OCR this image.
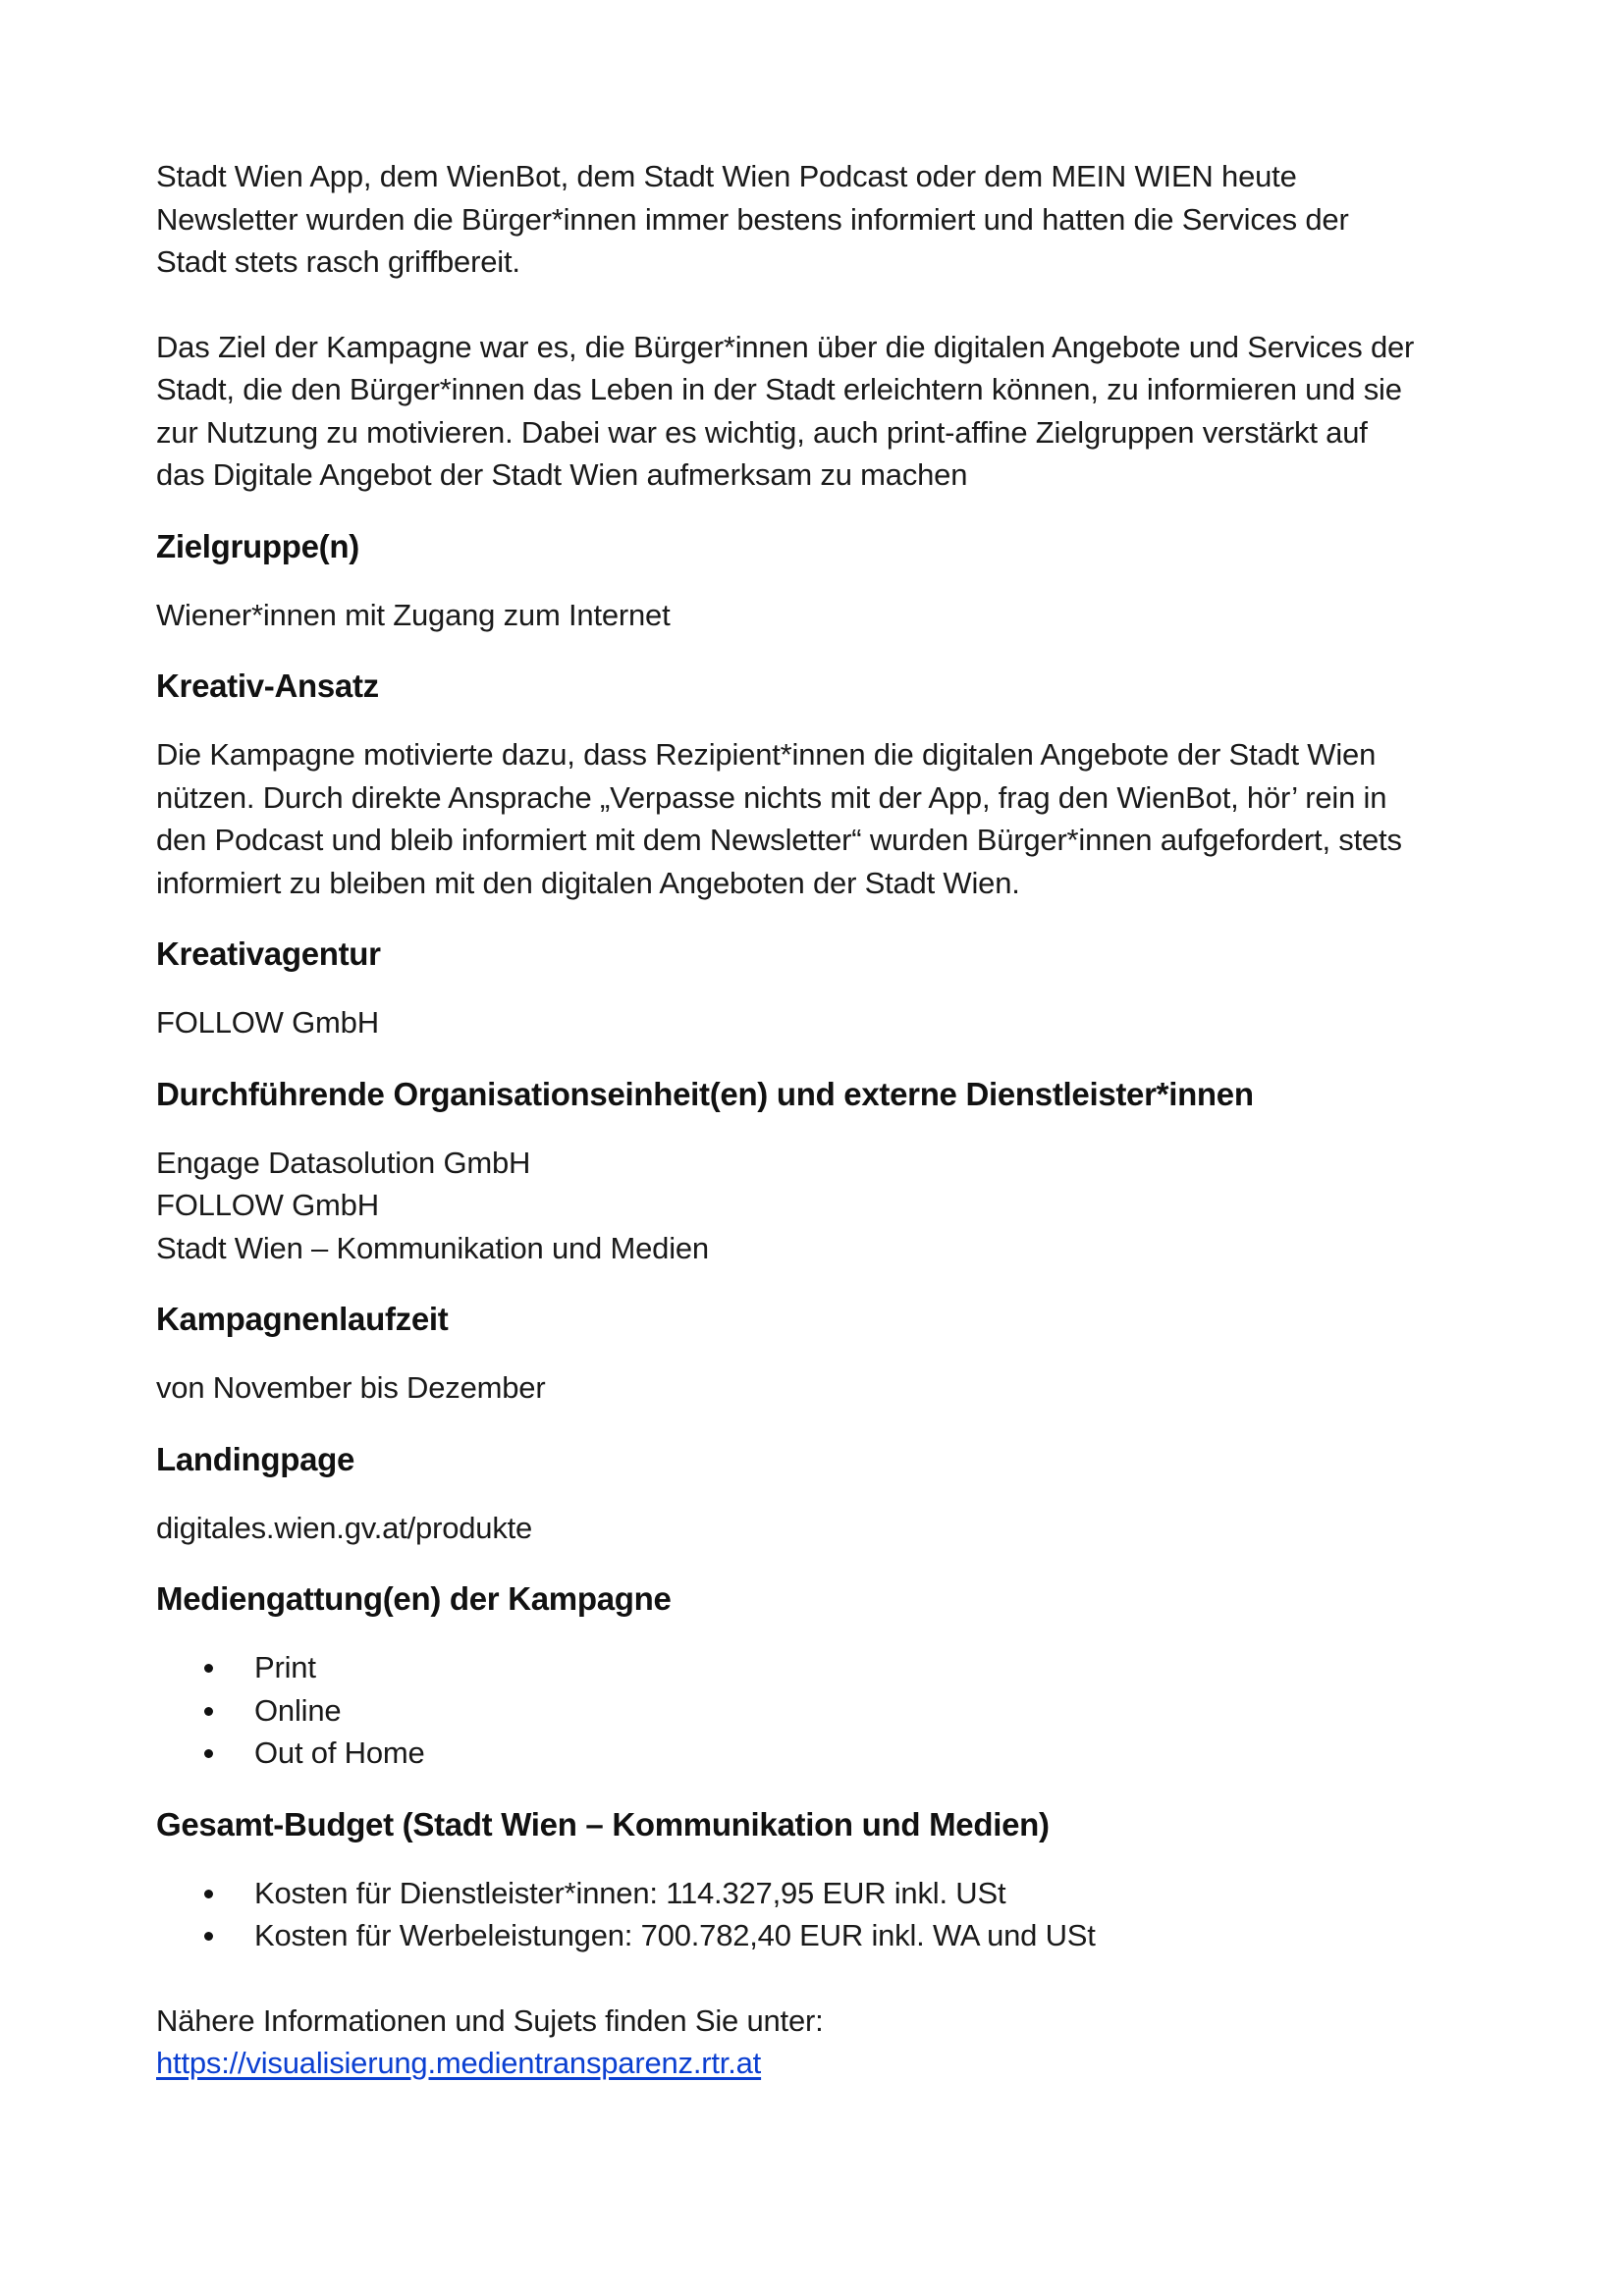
Stadt Wien App, dem WienBot, dem Stadt Wien Podcast oder dem MEIN WIEN heute
Newsletter wurden die Bürger*innen immer bestens informiert und hatten die Services der
Stadt stets rasch griffbereit.

Das Ziel der Kampagne war es, die Bürger*innen über die digitalen Angebote und Services der
Stadt, die den Bürger*innen das Leben in der Stadt erleichtern können, zu informieren und sie
zur Nutzung zu motivieren. Dabei war es wichtig, auch print-affine Zielgruppen verstärkt auf
das Digitale Angebot der Stadt Wien aufmerksam zu machen

Zielgruppe(n)

Wiener*innen mit Zugang zum Internet

Kreativ-Ansatz

Die Kampagne motivierte dazu, dass Rezipient*innen die digitalen Angebote der Stadt Wien
nützen. Durch direkte Ansprache „Verpasse nichts mit der App, frag den WienBot, hör’ rein in
den Podcast und bleib informiert mit dem Newsletter“ wurden Bürger*innen aufgefordert, stets
informiert zu bleiben mit den digitalen Angeboten der Stadt Wien.

Kreativagentur

FOLLOW GmbH

Durchführende Organisationseinheit(en) und externe Dienstleister*innen

Engage Datasolution GmbH
FOLLOW GmbH
Stadt Wien – Kommunikation und Medien

Kampagnenlaufzeit

von November bis Dezember

Landingpage

digitales.wien.gv.at/produkte

Mediengattung(en) der Kampagne
Print
Online
Out of Home
Gesamt-Budget (Stadt Wien – Kommunikation und Medien)
Kosten für Dienstleister*innen: 114.327,95 EUR inkl. USt
Kosten für Werbeleistungen: 700.782,40 EUR inkl. WA und USt

Nähere Informationen und Sujets finden Sie unter:
https://visualisierung.medientransparenz.rtr.at
